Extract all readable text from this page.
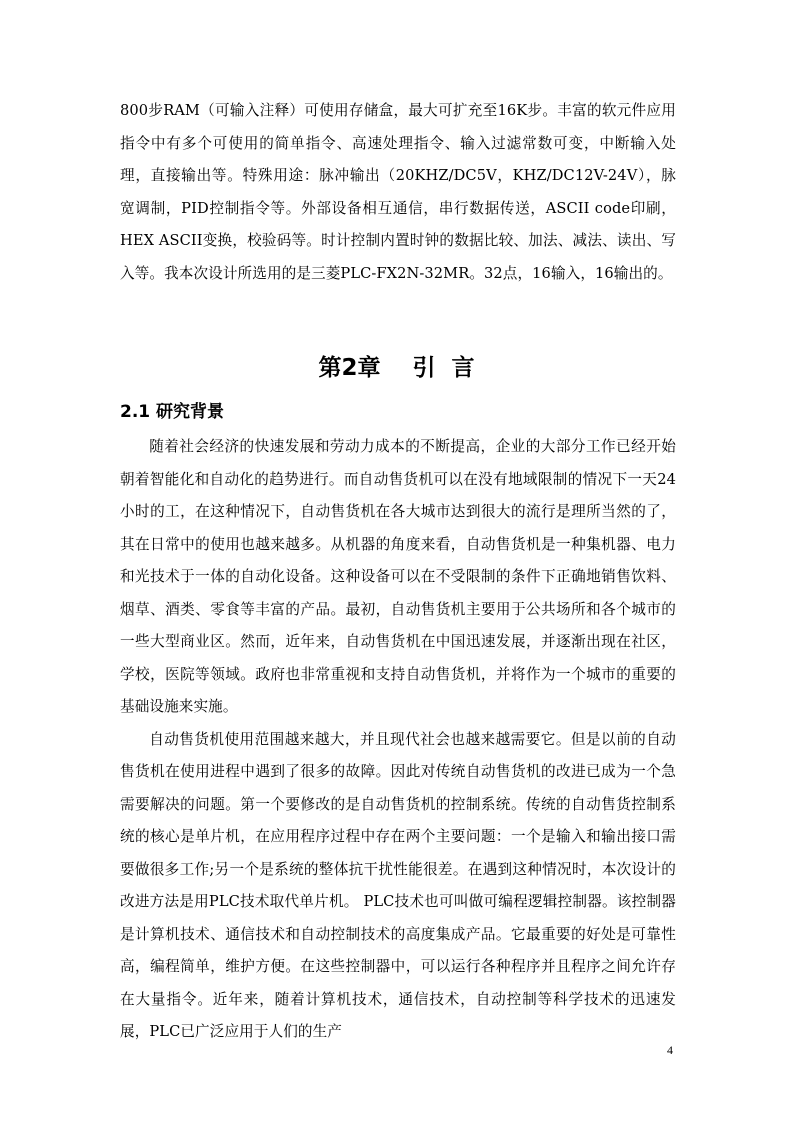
800步RAM（可输入注释）可使用存储盒，最大可扩充至16K步。丰富的软元件应用指令中有多个可使用的简单指令、高速处理指令、输入过滤常数可变，中断输入处理，直接输出等。特殊用途：脉冲输出（20KHZ/DC5V，KHZ/DC12V-24V），脉宽调制，PID控制指令等。外部设备相互通信，串行数据传送，ASCII code印刷，HEX ASCII变换，校验码等。时计控制内置时钟的数据比较、加法、减法、读出、写入等。我本次设计所选用的是三菱PLC-FX2N-32MR。32点，16输入，16输出的。

第2章    引  言
2.1 研究背景

随着社会经济的快速发展和劳动力成本的不断提高，企业的大部分工作已经开始朝着智能化和自动化的趋势进行。而自动售货机可以在没有地域限制的情况下一天24小时的工，在这种情况下，自动售货机在各大城市达到很大的流行是理所当然的了，其在日常中的使用也越来越多。从机器的角度来看，自动售货机是一种集机器、电力和光技术于一体的自动化设备。这种设备可以在不受限制的条件下正确地销售饮料、烟草、酒类、零食等丰富的产品。最初，自动售货机主要用于公共场所和各个城市的一些大型商业区。然而，近年来，自动售货机在中国迅速发展，并逐渐出现在社区，学校，医院等领域。政府也非常重视和支持自动售货机，并将作为一个城市的重要的基础设施来实施。

自动售货机使用范围越来越大，并且现代社会也越来越需要它。但是以前的自动售货机在使用进程中遇到了很多的故障。因此对传统自动售货机的改进已成为一个急需要解决的问题。第一个要修改的是自动售货机的控制系统。传统的自动售货控制系统的核心是单片机，在应用程序过程中存在两个主要问题：一个是输入和输出接口需要做很多工作;另一个是系统的整体抗干扰性能很差。在遇到这种情况时，本次设计的改进方法是用PLC技术取代单片机。 PLC技术也可叫做可编程逻辑控制器。该控制器是计算机技术、通信技术和自动控制技术的高度集成产品。它最重要的好处是可靠性高，编程简单，维护方便。在这些控制器中，可以运行各种程序并且程序之间允许存在大量指令。近年来，随着计算机技术，通信技术，自动控制等科学技术的迅速发展，PLC已广泛应用于人们的生产

4
